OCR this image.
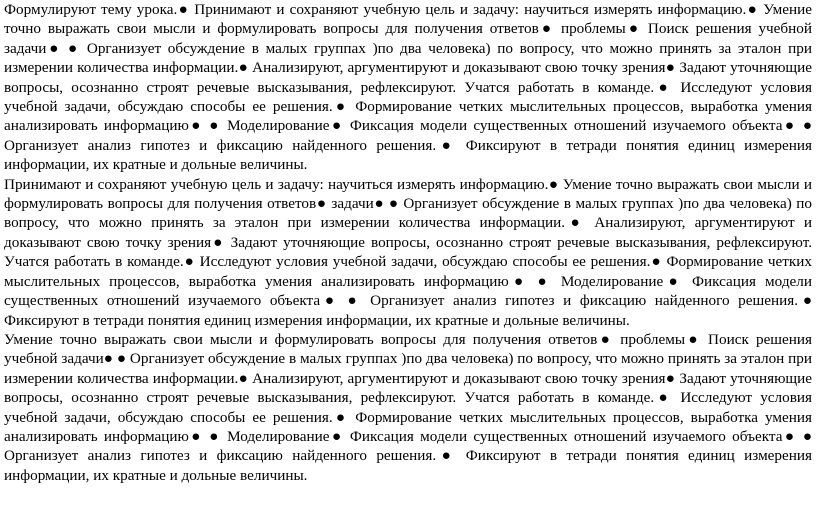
Формулируют тему урока.● Принимают и сохраняют учебную цель и задачу: научиться измерять информацию.● Умение точно выражать свои мысли и формулировать вопросы для получения ответов● проблемы● Поиск решения учебной задачи● ● Организует обсуждение в малых группах )по два человека) по вопросу, что можно принять за эталон при измерении количества информации.● Анализируют, аргументируют и доказывают свою точку зрения● Задают уточняющие вопросы, осознанно строят речевые высказывания, рефлексируют. Учатся работать в команде.● Исследуют условия учебной задачи, обсуждаю способы ее решения.● Формирование четких мыслительных процессов, выработка умения анализировать информацию● ● Моделирование● Фиксация модели существенных отношений изучаемого объекта● ● Организует анализ гипотез и фиксацию найденного решения.● Фиксируют в тетради понятия единиц измерения информации, их кратные и дольные величины.

Принимают и сохраняют учебную цель и задачу: научиться измерять информацию.● Умение точно выражать свои мысли и формулировать вопросы для получения ответов● задачи● ● Организует обсуждение в малых группах )по два человека) по вопросу, что можно принять за эталон при измерении количества информации.● Анализируют, аргументируют и доказывают свою точку зрения● Задают уточняющие вопросы, осознанно строят речевые высказывания, рефлексируют. Учатся работать в команде.● Исследуют условия учебной задачи, обсуждаю способы ее решения.● Формирование четких мыслительных процессов, выработка умения анализировать информацию● ● Моделирование● Фиксация модели существенных отношений изучаемого объекта● ● Организует анализ гипотез и фиксацию найденного решения.● Фиксируют в тетради понятия единиц измерения информации, их кратные и дольные величины.

Умение точно выражать свои мысли и формулировать вопросы для получения ответов● проблемы● Поиск решения учебной задачи● ● Организует обсуждение в малых группах )по два человека) по вопросу, что можно принять за эталон при измерении количества информации.● Анализируют, аргументируют и доказывают свою точку зрения● Задают уточняющие вопросы, осознанно строят речевые высказывания, рефлексируют. Учатся работать в команде.● Исследуют условия учебной задачи, обсуждаю способы ее решения.● Формирование четких мыслительных процессов, выработка умения анализировать информацию● ● Моделирование● Фиксация модели существенных отношений изучаемого объекта● ● Организует анализ гипотез и фиксацию найденного решения.● Фиксируют в тетради понятия единиц измерения информации, их кратные и дольные величины.
